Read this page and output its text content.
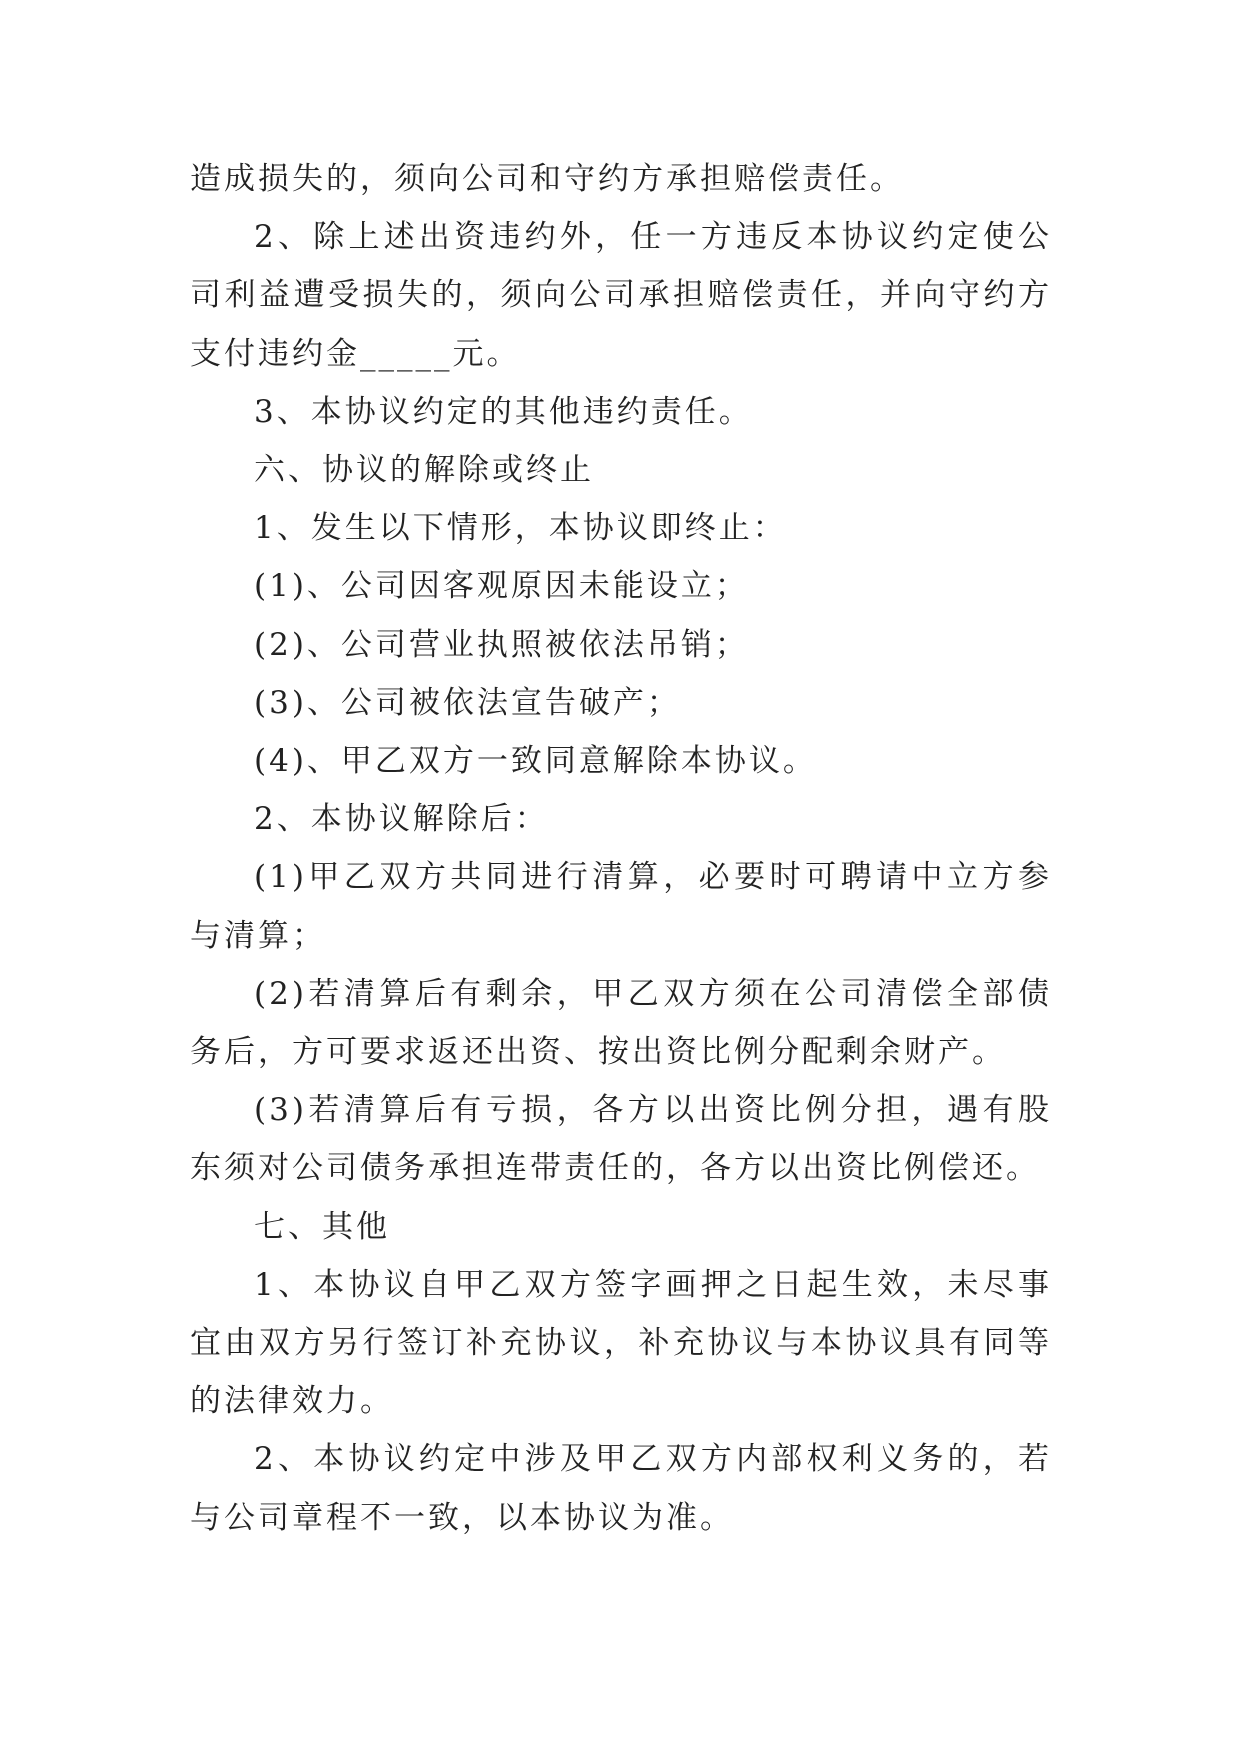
造成损失的，须向公司和守约方承担赔偿责任。

2、除上述出资违约外，任一方违反本协议约定使公司利益遭受损失的，须向公司承担赔偿责任，并向守约方支付违约金_____元。

3、本协议约定的其他违约责任。

六、协议的解除或终止

1、发生以下情形，本协议即终止：

(1)、公司因客观原因未能设立；

(2)、公司营业执照被依法吊销；

(3)、公司被依法宣告破产；

(4)、甲乙双方一致同意解除本协议。

2、本协议解除后：

(1)甲乙双方共同进行清算，必要时可聘请中立方参与清算；

(2)若清算后有剩余，甲乙双方须在公司清偿全部债务后，方可要求返还出资、按出资比例分配剩余财产。

(3)若清算后有亏损，各方以出资比例分担，遇有股东须对公司债务承担连带责任的，各方以出资比例偿还。

七、其他

1、本协议自甲乙双方签字画押之日起生效，未尽事宜由双方另行签订补充协议，补充协议与本协议具有同等的法律效力。

2、本协议约定中涉及甲乙双方内部权利义务的，若与公司章程不一致，以本协议为准。
